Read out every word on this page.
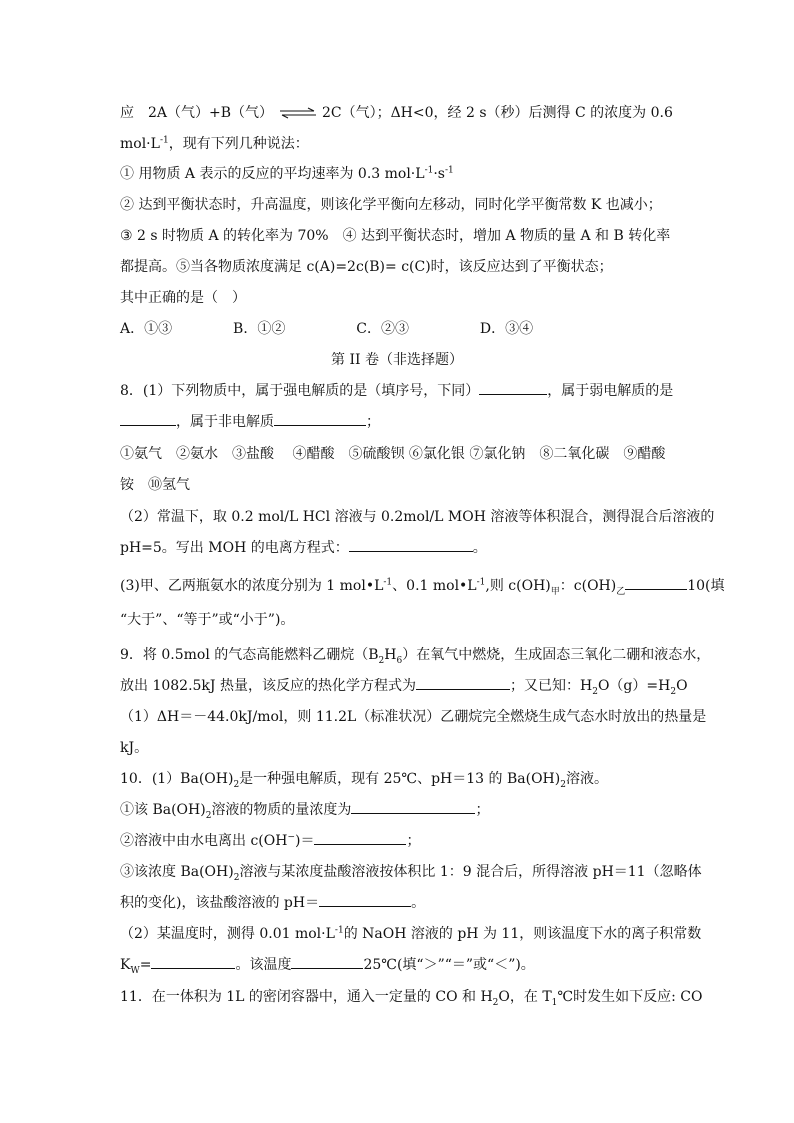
应　2A（气）+B（气） ⇌ 2C（气）；ΔH<0，经 2 s（秒）后测得 C 的浓度为 0.6
$mol\cdot L^{-1}$，现有下列几种说法：
① 用物质 A 表示的反应的平均速率为 0.3 $mol\cdot L^{-1}\cdot s^{-1}$
② 达到平衡状态时，升高温度，则该化学平衡向左移动，同时化学平衡常数 K 也减小；
③ 2 s 时物质 A 的转化率为 70%　④ 达到平衡状态时，增加 A 物质的量 A 和 B 转化率
都提高。⑤当各物质浓度满足 c(A)=2c(B)= c(C)时，该反应达到了平衡状态；
其中正确的是（　）
A．①③	B．①②	C．②③	D．③④
第 II 卷（非选择题）
8．(1）下列物质中，属于强电解质的是（填序号，下同）	，属于弱电解质的是
，属于非电解质	；
①氨气　②氨水　③盐酸　 ④醋酸　⑤硫酸钡 ⑥氯化银 ⑦氯化钠　⑧二氧化碳　⑨醋酸
铵　⑩氢气
（2）常温下，取 0.2 mol/L HCl 溶液与 0.2mol/L MOH 溶液等体积混合，测得混合后溶液的
pH=5。写出 MOH 的电离方程式：	。
(3)甲、乙两瓶氨水的浓度分别为 1 $mol•L^{-1}$、0.1 $mol•L^{-1}$,则 $c(OH)_甲$：$c(OH)_乙$	10(填
“大于”、“等于”或“小于”)。
9．将 0.5mol 的气态高能燃料乙硼烷$(B_2H_6)$在氧气中燃烧，生成固态三氧化二硼和液态水，
放出 1082.5kJ 热量，该反应的热化学方程式为	；又已知：$H_2O(g)=H_2O$
（1）ΔH＝－44.0kJ/mol，则 11.2L（标准状况）乙硼烷完全燃烧生成气态水时放出的热量是
kJ。
10．$(1)Ba(OH)_2$是一种强电解质，现有 25℃、pH＝13 的 $Ba(OH)_2$溶液。
①该 $Ba(OH)_2$溶液的物质的量浓度为	；
②溶液中由水电离出 c(OH−)＝	；
③该浓度 $Ba(OH)_2$溶液与某浓度盐酸溶液按体积比 1：9 混合后，所得溶液 pH＝11（忽略体
积的变化)，该盐酸溶液的 pH＝	。
（2）某温度时，测得 0.01 $mol\cdot L^{-1}$的 NaOH 溶液的 pH 为 11，则该温度下水的离子积常数
$K_W=$	。该温度	25℃(填“＞”“＝”或“＜”)。
11．在一体积为 1L 的密闭容器中，通入一定量的 CO 和 $H_2O$，在 $T_1℃$时发生如下反应: CO
